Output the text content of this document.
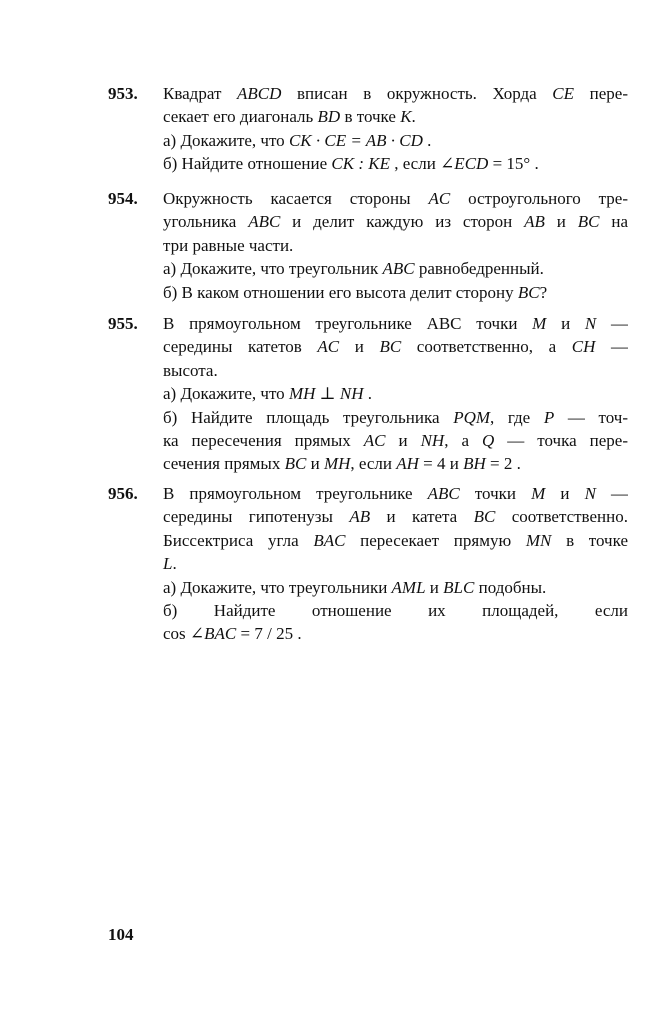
953. Квадрат ABCD вписан в окружность. Хорда CE пере-
секает его диагональ BD в точке K.
а) Докажите, что CK · CE = AB · CD .
б) Найдите отношение CK : KE , если ∠ECD = 15° .
954. Окружность касается стороны AC остроугольного тре-
угольника ABC и делит каждую из сторон AB и BC на
три равные части.
а) Докажите, что треугольник ABC равнобедренный.
б) В каком отношении его высота делит сторону BC?
955. В прямоугольном треугольнике ABC точки M и N —
середины катетов AC и BC соответственно, а CH —
высота.
а) Докажите, что MH ⊥ NH .
б) Найдите площадь треугольника PQM, где P — точ-
ка пересечения прямых AC и NH, а Q — точка пере-
сечения прямых BC и MH, если AH = 4 и BH = 2 .
956. В прямоугольном треугольнике ABC точки M и N —
середины гипотенузы AB и катета BC соответственно.
Биссектриса угла BAC пересекает прямую MN в точке
L.
а) Докажите, что треугольники AML и BLC подобны.
б) Найдите отношение их площадей, если
cos ∠BAC = 7 / 25 .
104
